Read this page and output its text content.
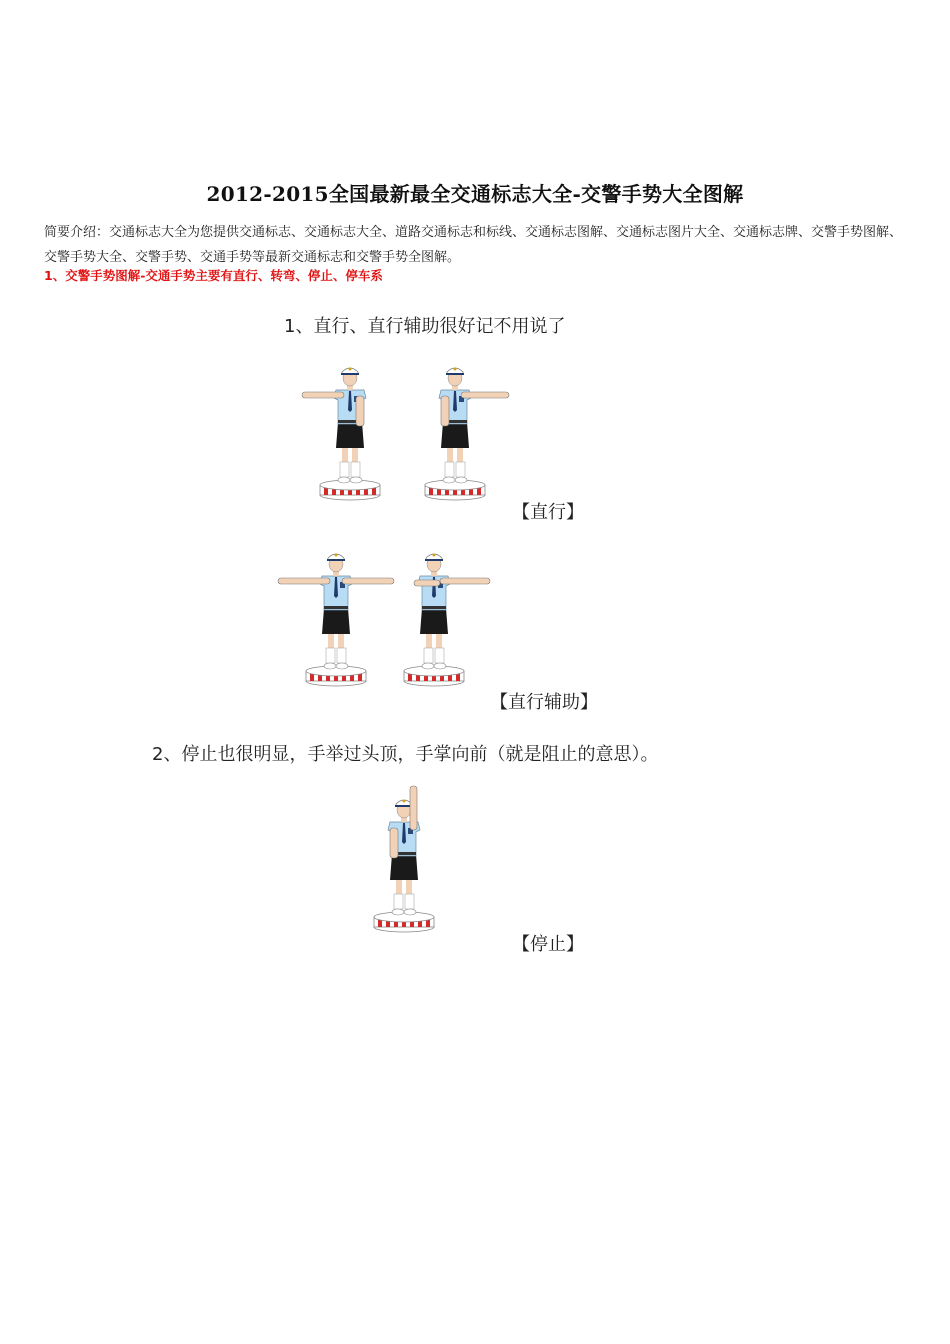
2012-2015全国最新最全交通标志大全-交警手势大全图解
简要介绍：交通标志大全为您提供交通标志、交通标志大全、道路交通标志和标线、交通标志图解、交通标志图片大全、交通标志牌、交警手势图解、交警手势大全、交警手势、交通手势等最新交通标志和交警手势全图解。
1、交警手势图解-交通手势主要有直行、转弯、停止、停车系
1、直行、直行辅助很好记不用说了
【直行】
【直行辅助】
2、停止也很明显，手举过头顶，手掌向前（就是阻止的意思）。
【停止】
